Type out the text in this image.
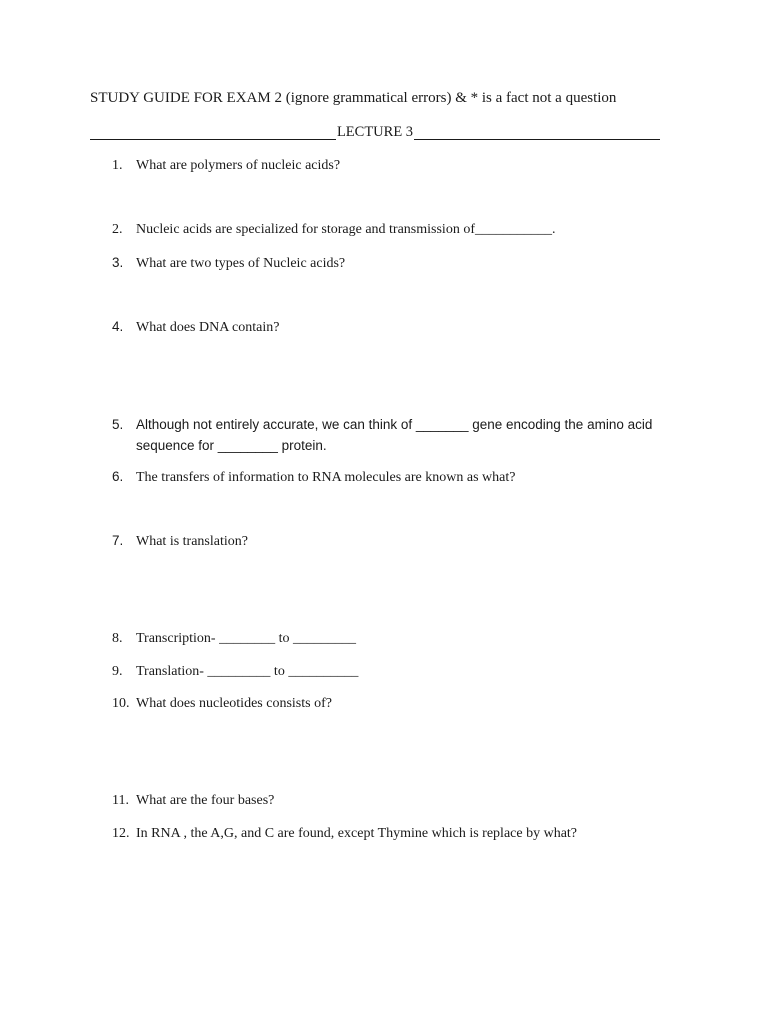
STUDY GUIDE FOR EXAM 2 (ignore grammatical errors) & * is a fact not a question
LECTURE 3
1. What are polymers of nucleic acids?
2. Nucleic acids are specialized for storage and transmission of___________.
3. What are two types of Nucleic acids?
4. What does DNA contain?
5. Although not entirely accurate, we can think of _______ gene encoding the amino acid sequence for ________ protein.
6. The transfers of information to RNA molecules are known as what?
7. What is translation?
8. Transcription- ________ to _________
9. Translation- _________ to __________
10. What does nucleotides consists of?
11. What are the four bases?
12. In RNA , the A,G, and C are found, except Thymine which is replace by what?
